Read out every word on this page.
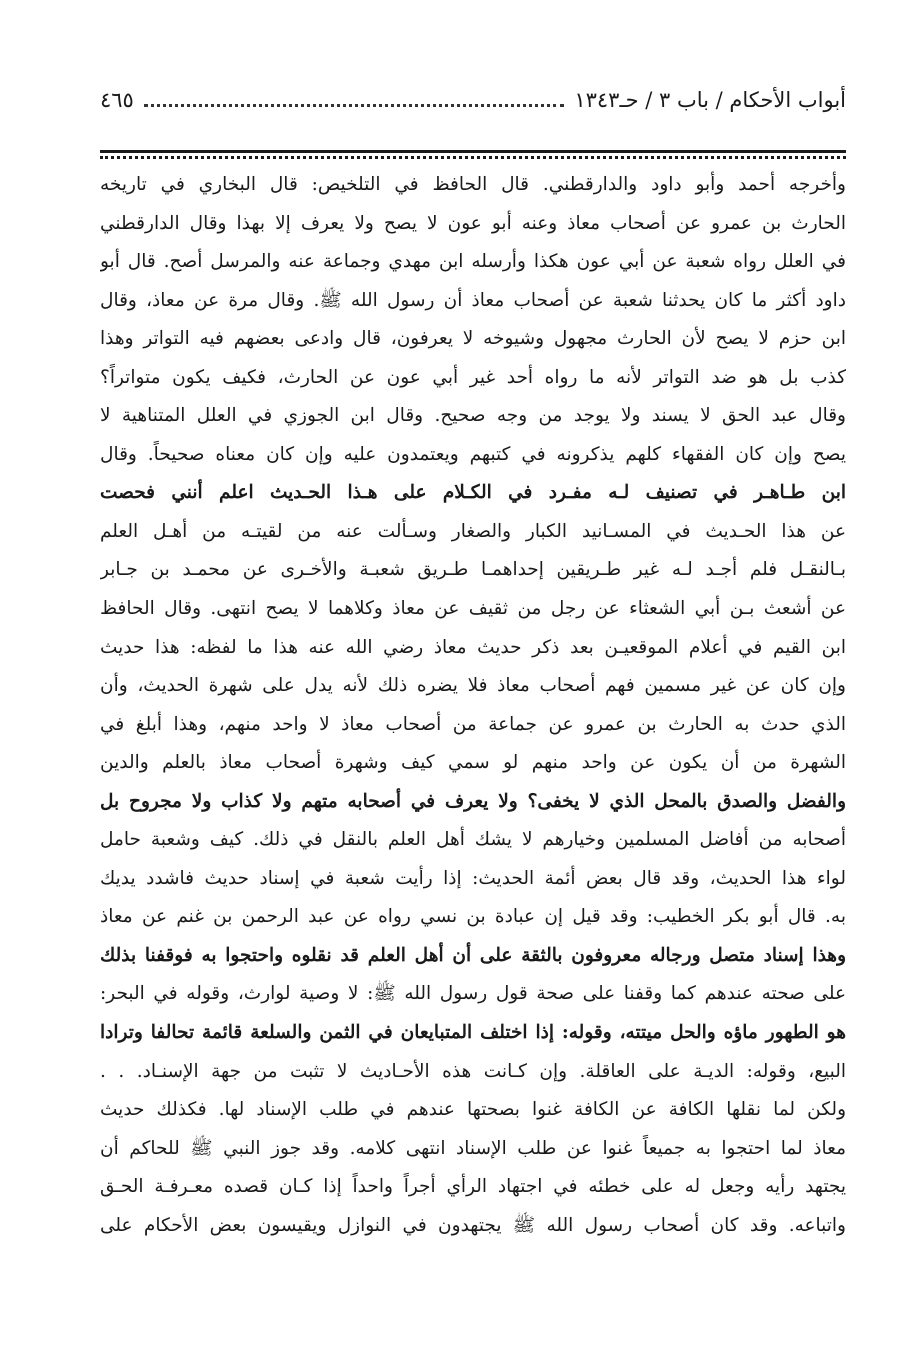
أبواب الأحكام / باب ٣ / حـ١٣٤٣
٤٦٥
وأخرجه أحمد وأبو داود والدارقطني. قال الحافظ في التلخيص: قال البخاري في تاريخه
الحارث بن عمرو عن أصحاب معاذ وعنه أبو عون لا يصح ولا يعرف إلا بهذا وقال الدارقطني
في العلل رواه شعبة عن أبي عون هكذا وأرسله ابن مهدي وجماعة عنه والمرسل أصح. قال أبو
داود أكثر ما كان يحدثنا شعبة عن أصحاب معاذ أن رسول الله ﷺ. وقال مرة عن معاذ، وقال
ابن حزم لا يصح لأن الحارث مجهول وشيوخه لا يعرفون، قال وادعى بعضهم فيه التواتر وهذا
كذب بل هو ضد التواتر لأنه ما رواه أحد غير أبي عون عن الحارث، فكيف يكون متواتراً؟
وقال عبد الحق لا يسند ولا يوجد من وجه صحيح. وقال ابن الجوزي في العلل المتناهية لا
يصح وإن كان الفقهاء كلهم يذكرونه في كتبهم ويعتمدون عليه وإن كان معناه صحيحاً. وقال
ابن طـاهـر في تصنيف لـه مفـرد في الكـلام على هـذا الحـديث اعلم أنني فحصت
عن هذا الحـديث في المسـانيد الكبار والصغار وسـألت عنه من لقيتـه من أهـل العلم
بـالنقـل فلم أجـد لـه غير طـريقين إحداهمـا طـريق شعبـة والأخـرى عن محمـد بن جـابر
عن أشعث بـن أبي الشعثاء عن رجل من ثقيف عن معاذ وكلاهما لا يصح انتهى. وقال الحافظ
ابن القيم في أعلام الموقعيـن بعد ذكر حديث معاذ رضي الله عنه هذا ما لفظه: هذا حديث
وإن كان عن غير مسمين فهم أصحاب معاذ فلا يضره ذلك لأنه يدل على شهرة الحديث، وأن
الذي حدث به الحارث بن عمرو عن جماعة من أصحاب معاذ لا واحد منهم، وهذا أبلغ في
الشهرة من أن يكون عن واحد منهم لو سمي كيف وشهرة أصحاب معاذ بالعلم والدين
والفضل والصدق بالمحل الذي لا يخفى؟ ولا يعرف في أصحابه متهم ولا كذاب ولا مجروح بل
أصحابه من أفاضل المسلمين وخيارهم لا يشك أهل العلم بالنقل في ذلك. كيف وشعبة حامل
لواء هذا الحديث، وقد قال بعض أئمة الحديث: إذا رأيت شعبة في إسناد حديث فاشدد يديك
به. قال أبو بكر الخطيب: وقد قيل إن عبادة بن نسي رواه عن عبد الرحمن بن غنم عن معاذ
وهذا إسناد متصل ورجاله معروفون بالثقة على أن أهل العلم قد نقلوه واحتجوا به فوقفنا بذلك
على صحته عندهم كما وقفنا على صحة قول رسول الله ﷺ: لا وصية لوارث، وقوله في البحر:
هو الطهور ماؤه والحل ميتته، وقوله: إذا اختلف المتبايعان في الثمن والسلعة قائمة تحالفا وترادا
البيع، وقوله: الديـة على العاقلة. وإن كـانت هذه الأحـاديث لا تثبت من جهة الإسنـاد. . .
ولكن لما نقلها الكافة عن الكافة غنوا بصحتها عندهم في طلب الإسناد لها. فكذلك حديث
معاذ لما احتجوا به جميعاً غنوا عن طلب الإسناد انتهى كلامه. وقد جوز النبي ﷺ للحاكم أن
يجتهد رأيه وجعل له على خطئه في اجتهاد الرأي أجراً واحداً إذا كـان قصده معـرفـة الحـق
واتباعه. وقد كان أصحاب رسول الله ﷺ يجتهدون في النوازل ويقيسون بعض الأحكام على
